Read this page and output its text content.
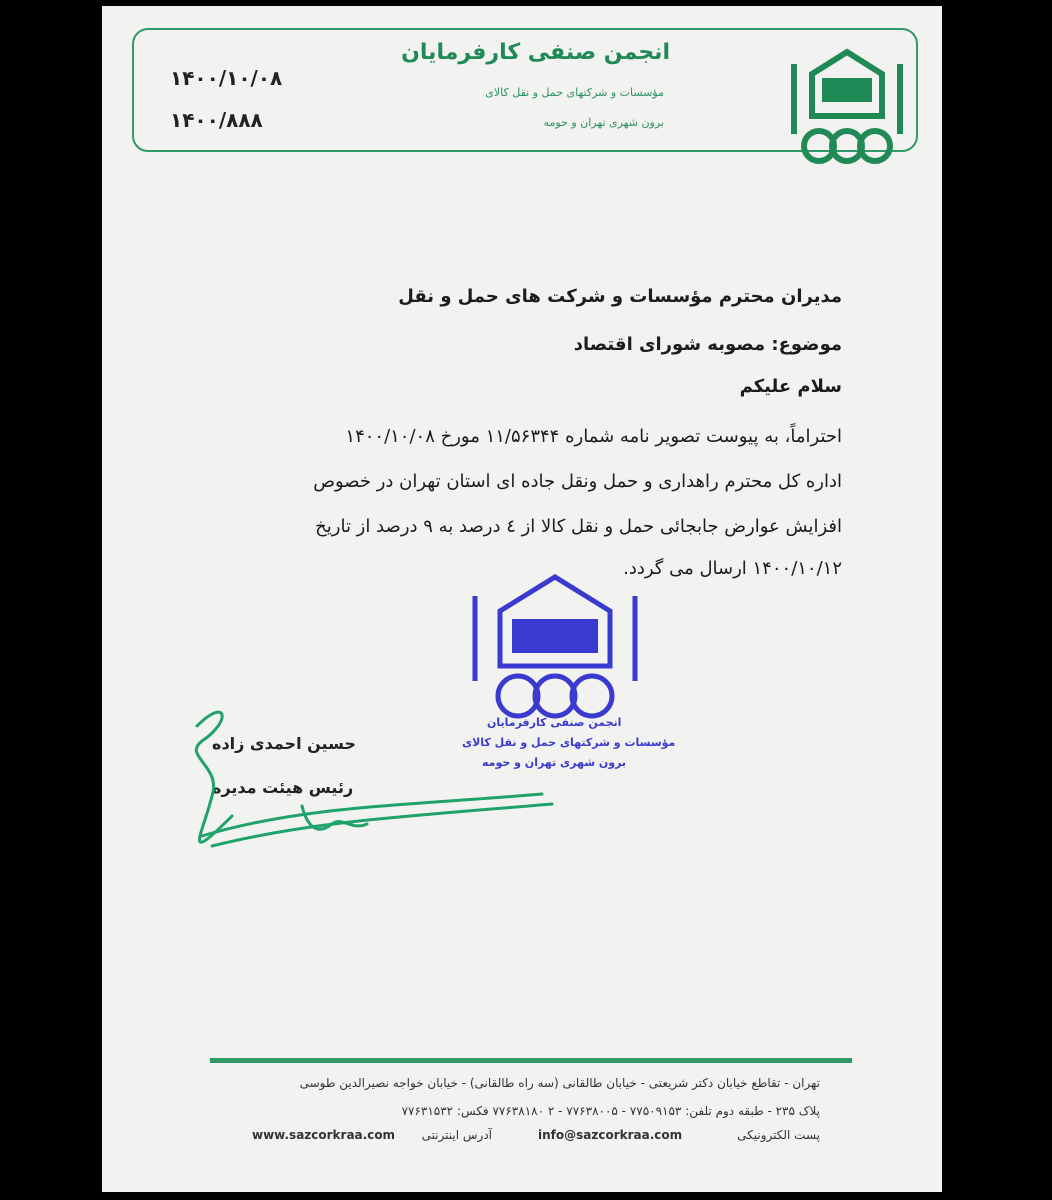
انجمن صنفی کارفرمایان
مؤسسات و شرکتهای حمل و نقل کالای
برون شهری تهران و حومه
۱۴۰۰/۱۰/۰۸
۱۴۰۰/۸۸۸
مدیران محترم مؤسسات و شرکت های حمل و نقل
موضوع: مصوبه شورای اقتصاد
سلام علیکم
احتراماً، به پیوست تصویر نامه شماره ۱۱/۵۶۳۴۴ مورخ ۱۴۰۰/۱۰/۰۸
اداره کل محترم راهداری و حمل ونقل جاده ای استان تهران در خصوص
افزایش عوارض جابجائی حمل و نقل کالا از ٤ درصد به ۹ درصد از تاریخ
۱۴۰۰/۱۰/۱۲ ارسال می گردد.
انجمن صنفی کارفرمایان
مؤسسات و شرکتهای حمل و نقل کالای
برون شهری تهران و حومه
حسین احمدی زاده
رئیس هیئت مدیره
تهران - تقاطع خیابان دکتر شریعتی - خیابان طالقانی (سه راه طالقانی) - خیابان خواجه نصیرالدین طوسی
پلاک ۲۳۵ - طبقه دوم تلفن: ۷۷۵۰۹۱۵۳ - ۷۷۶۳۸۰۰۵ - ۲ ۷۷۶۳۸۱۸۰ فکس: ۷۷۶۳۱۵۳۲
پست الکترونیکی
info@sazcorkraa.com
آدرس اینترنتی
www.sazcorkraa.com
